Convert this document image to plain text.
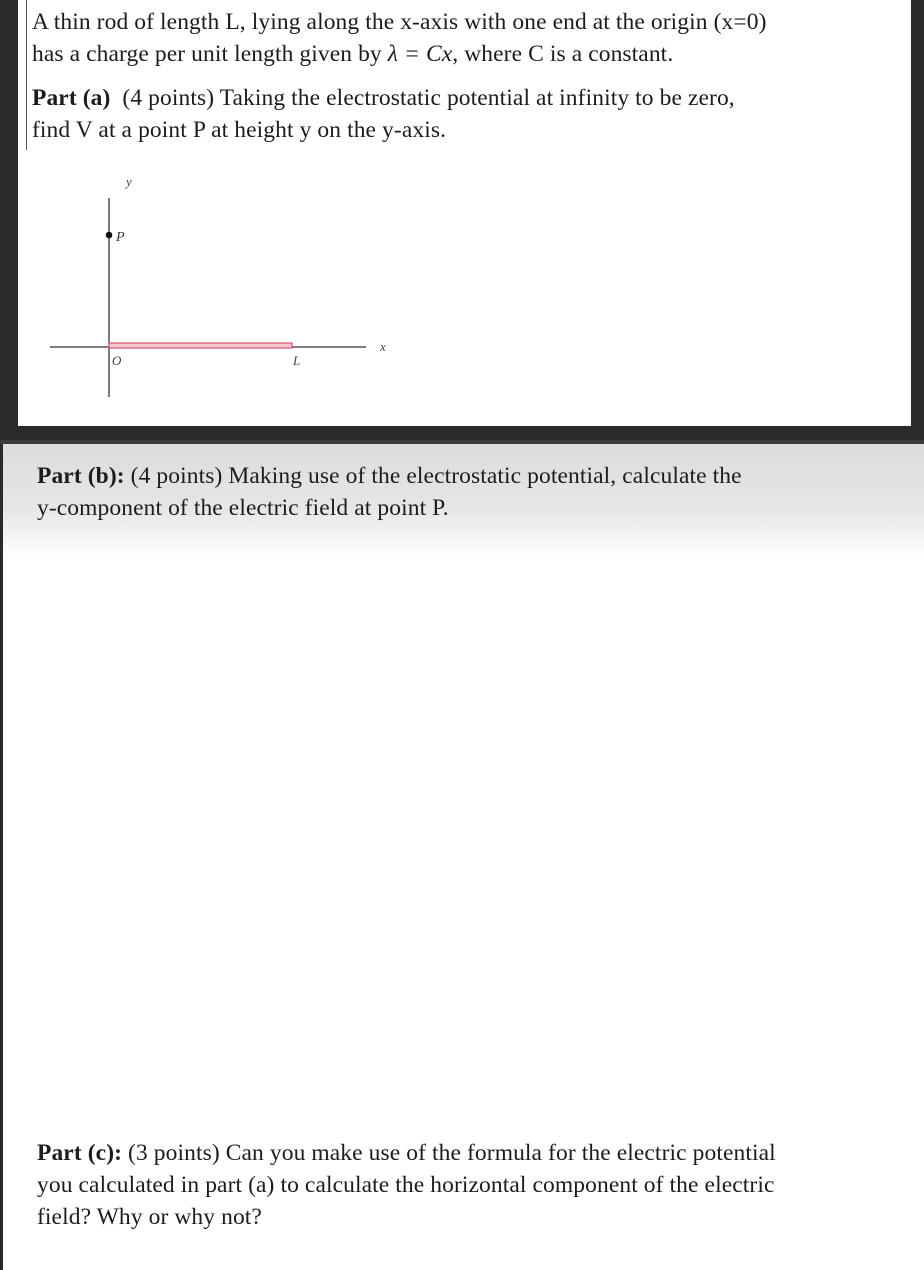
A thin rod of length L, lying along the x-axis with one end at the origin (x=0)
has a charge per unit length given by λ = Cx, where C is a constant.
Part (a) (4 points) Taking the electrostatic potential at infinity to be zero,
find V at a point P at height y on the y-axis.
P
y
x
O	L
Part (b): (4 points) Making use of the electrostatic potential, calculate the
y-component of the electric field at point P.
Part (c): (3 points) Can you make use of the formula for the electric potential
you calculated in part (a) to calculate the horizontal component of the electric
field? Why or why not?
